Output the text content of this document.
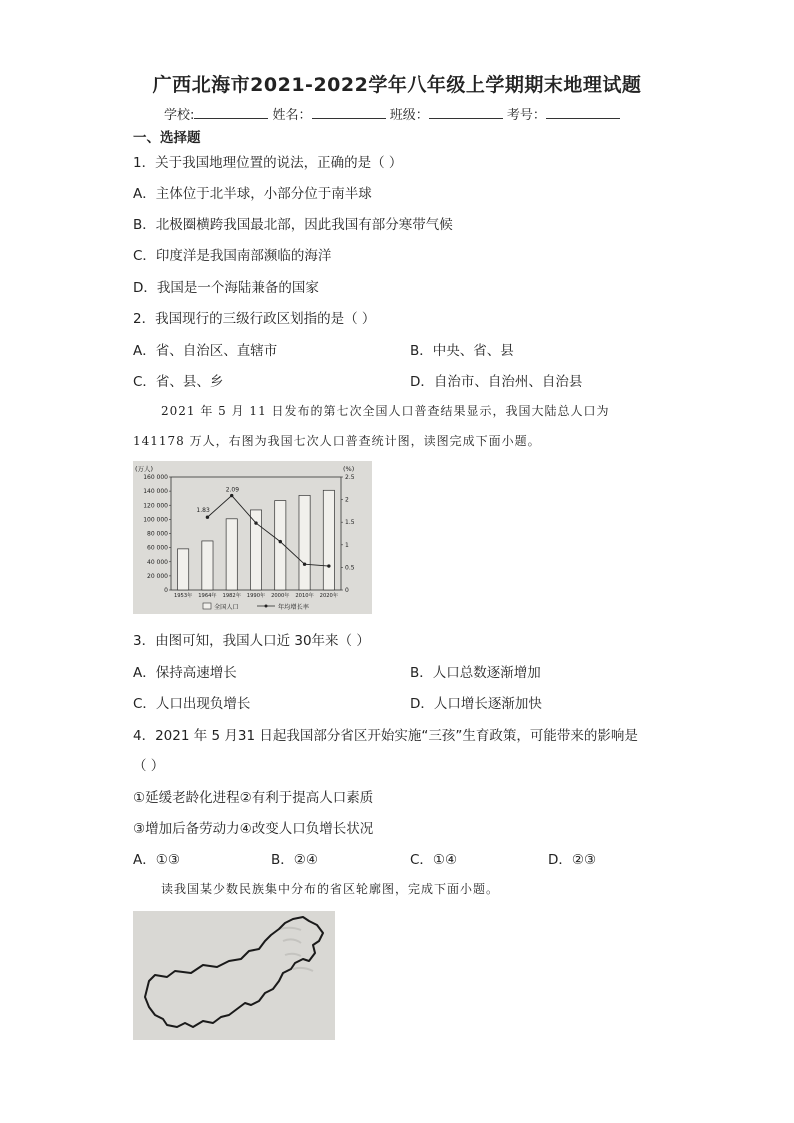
广西北海市2021-2022学年八年级上学期期末地理试题
学校:	姓名：	班级：	考号：
一、选择题
1．关于我国地理位置的说法，正确的是（ ）
A．主体位于北半球，小部分位于南半球
B．北极圈横跨我国最北部，因此我国有部分寒带气候
C．印度洋是我国南部濒临的海洋
D．我国是一个海陆兼备的国家
2．我国现行的三级行政区划指的是（ ）
A．省、自治区、直辖市	B．中央、省、县
C．省、县、乡	D．自治市、自治州、自治县
2021 年 5 月 11 日发布的第七次全国人口普查结果显示，我国大陆总人口为
141178 万人，右图为我国七次人口普查统计图，读图完成下面小题。
(万人)	(%)
0
20 000
40 000
60 000
80 000
100 000
120 000
140 000
160 000
0
0.5
1
1.5
2
2.5
1953年 1964年 1982年 1990年 2000年 2010年 2020年
1.83
2.09
全国人口	年均增长率
3．由图可知，我国人口近 30年来（ ）
A．保持高速增长	B．人口总数逐渐增加
C．人口出现负增长	D．人口增长逐渐加快
4．2021 年 5 月31 日起我国部分省区开始实施“三孩”生育政策，可能带来的影响是
（ ）
①延缓老龄化进程②有利于提高人口素质
③增加后备劳动力④改变人口负增长状况
A．①③	B．②④	C．①④	D．②③
读我国某少数民族集中分布的省区轮廓图，完成下面小题。
